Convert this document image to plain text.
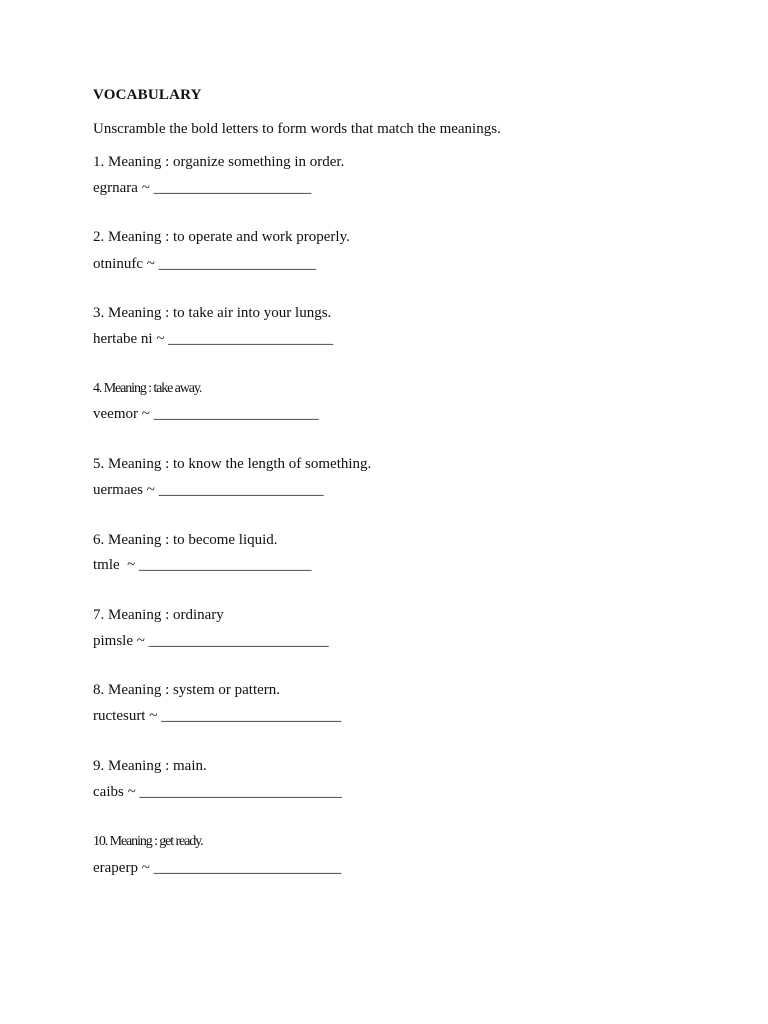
VOCABULARY
Unscramble the bold letters to form words that match the meanings.
1. Meaning : organize something in order.
egrnara ~ _____________________
2. Meaning : to operate and work properly.
otninufc ~ _____________________
3. Meaning : to take air into your lungs.
hertabe ni ~ ______________________
4. Meaning : take away.
veemor ~ ______________________
5. Meaning : to know the length of something.
uermaes ~ ______________________
6. Meaning : to become liquid.
tmle  ~ _______________________
7. Meaning : ordinary
pimsle ~ ________________________
8. Meaning : system or pattern.
ructesurt ~ ________________________
9. Meaning : main.
caibs ~ ___________________________
10. Meaning : get ready.
eraperp ~ _________________________
